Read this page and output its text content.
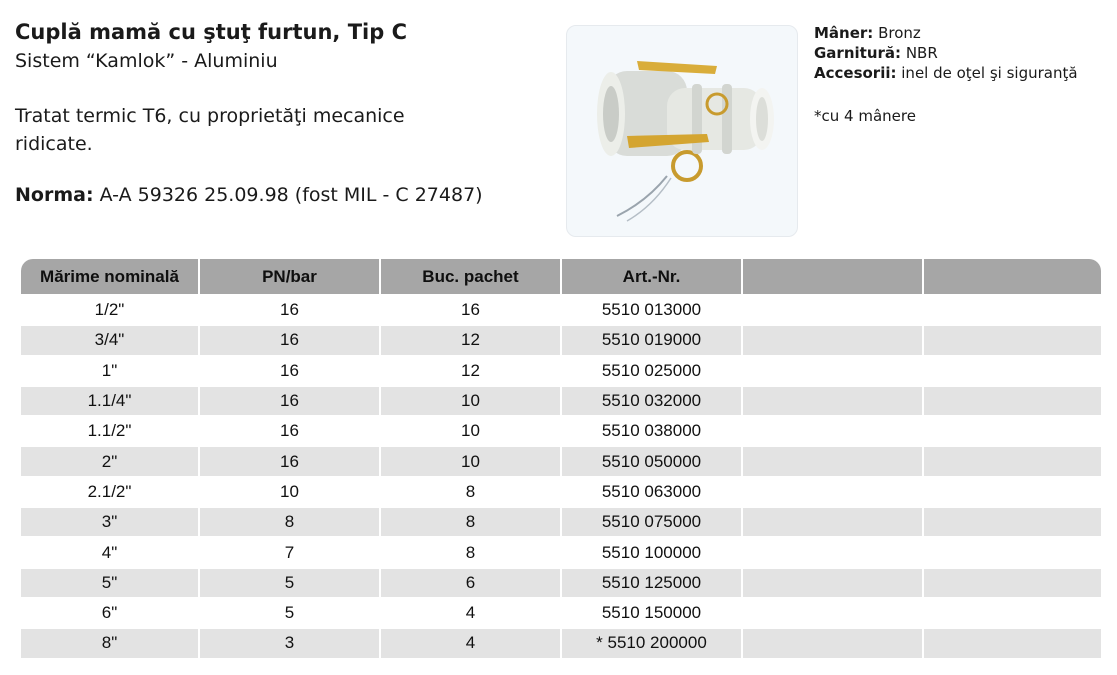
Cuplă mamă cu ştuţ furtun, Tip C
Sistem “Kamlok” - Aluminiu
Tratat termic T6, cu proprietăţi mecanice ridicate.
Norma: A-A 59326 25.09.98 (fost MIL - C 27487)
Mâner: Bronz
Garnitură: NBR
Accesorii: inel de oţel şi siguranţă
*cu 4 mânere
Mărime nominală	PN/bar	Buc. pachet	Art.-Nr.		
1/2"	16	16	5510 013000		
3/4"	16	12	5510 019000		
1"	16	12	5510 025000		
1.1/4"	16	10	5510 032000		
1.1/2"	16	10	5510 038000		
2"	16	10	5510 050000		
2.1/2"	10	8	5510 063000		
3"	8	8	5510 075000		
4"	7	8	5510 100000		
5"	5	6	5510 125000		
6"	5	4	5510 150000		
8"	3	4	* 5510 200000		
